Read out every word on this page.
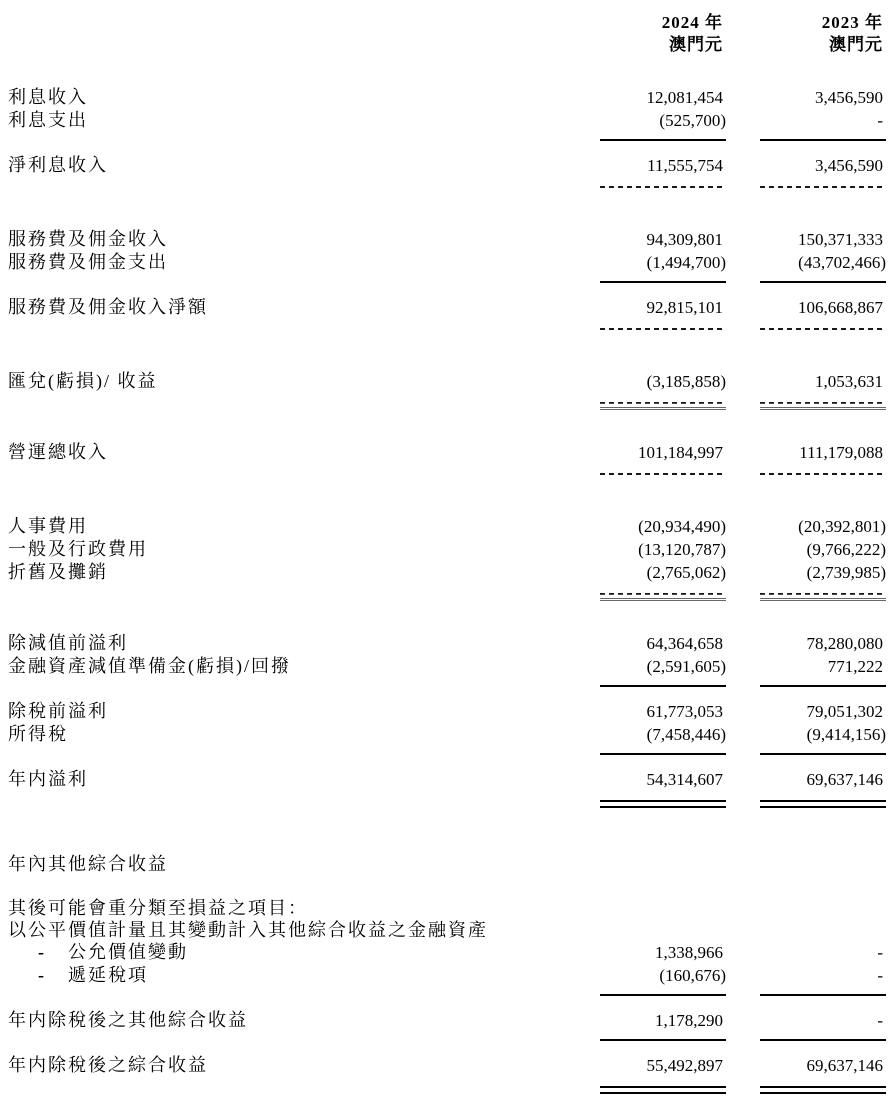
2024 年	2023 年
澳門元	澳門元
利息收入	12,081,454	3,456,590
利息支出	(525,700)	-
淨利息收入	11,555,754	3,456,590
服務費及佣金收入	94,309,801	150,371,333
服務費及佣金支出	(1,494,700)	(43,702,466)
服務費及佣金收入淨額	92,815,101	106,668,867
匯兌(虧損)/ 收益	(3,185,858)	1,053,631
營運總收入	101,184,997	111,179,088
人事費用	(20,934,490)	(20,392,801)
一般及行政費用	(13,120,787)	(9,766,222)
折舊及攤銷	(2,765,062)	(2,739,985)
除減值前溢利	64,364,658	78,280,080
金融資產減值準備金(虧損)/回撥	(2,591,605)	771,222
除稅前溢利	61,773,053	79,051,302
所得稅	(7,458,446)	(9,414,156)
年内溢利	54,314,607	69,637,146
年內其他綜合收益
其後可能會重分類至損益之項目：
以公平價值計量且其變動計入其他綜合收益之金融資產
- 公允價值變動	1,338,966	-
- 遞延稅項	(160,676)	-
年内除稅後之其他綜合收益	1,178,290	-
年内除稅後之綜合收益	55,492,897	69,637,146
